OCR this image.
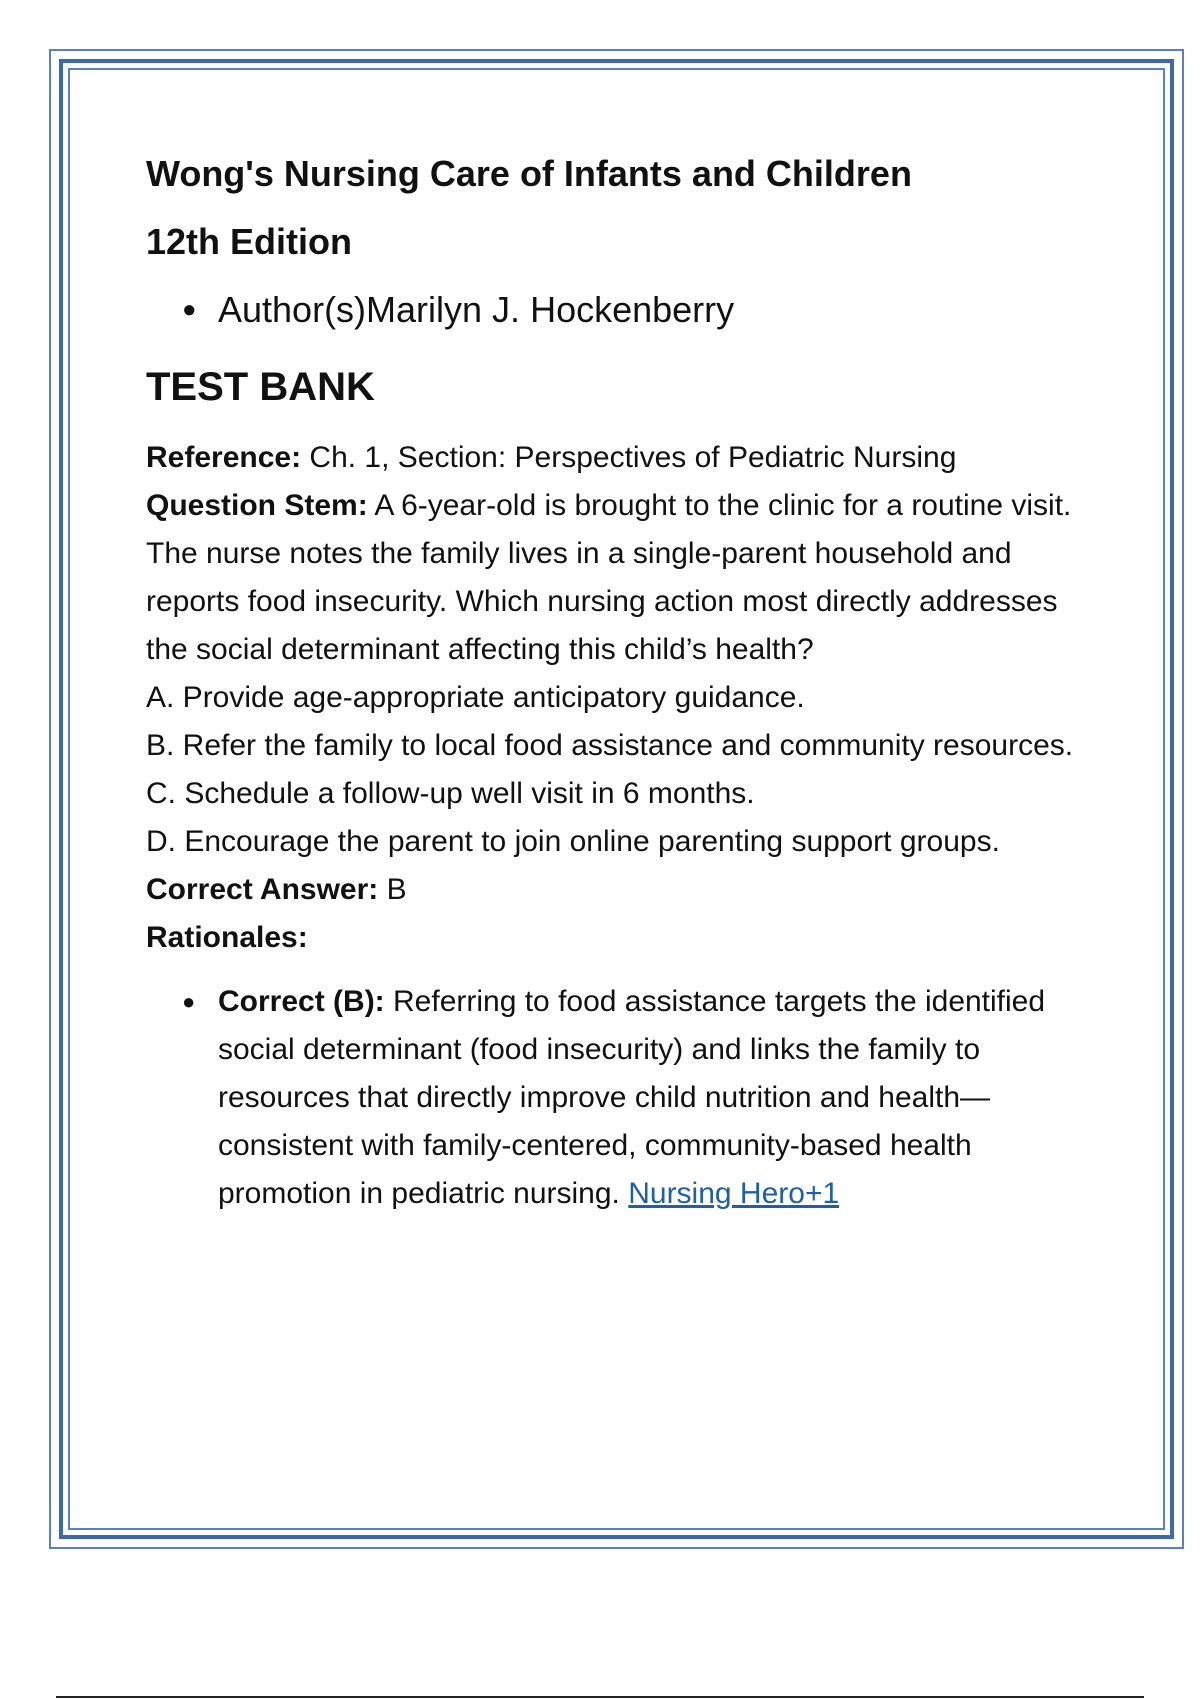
Wong's Nursing Care of Infants and Children
12th Edition
● Author(s)Marilyn J. Hockenberry
TEST BANK

Reference: Ch. 1, Section: Perspectives of Pediatric Nursing

Question Stem: A 6-year-old is brought to the clinic for a routine visit. The nurse notes the family lives in a single-parent household and reports food insecurity. Which nursing action most directly addresses the social determinant affecting this child’s health?

A. Provide age-appropriate anticipatory guidance.

B. Refer the family to local food assistance and community resources.

C. Schedule a follow-up well visit in 6 months.

D. Encourage the parent to join online parenting support groups.

Correct Answer: B

Rationales:

● Correct (B): Referring to food assistance targets the identified social determinant (food insecurity) and links the family to resources that directly improve child nutrition and health—consistent with family-centered, community-based health promotion in pediatric nursing. Nursing Hero+1
